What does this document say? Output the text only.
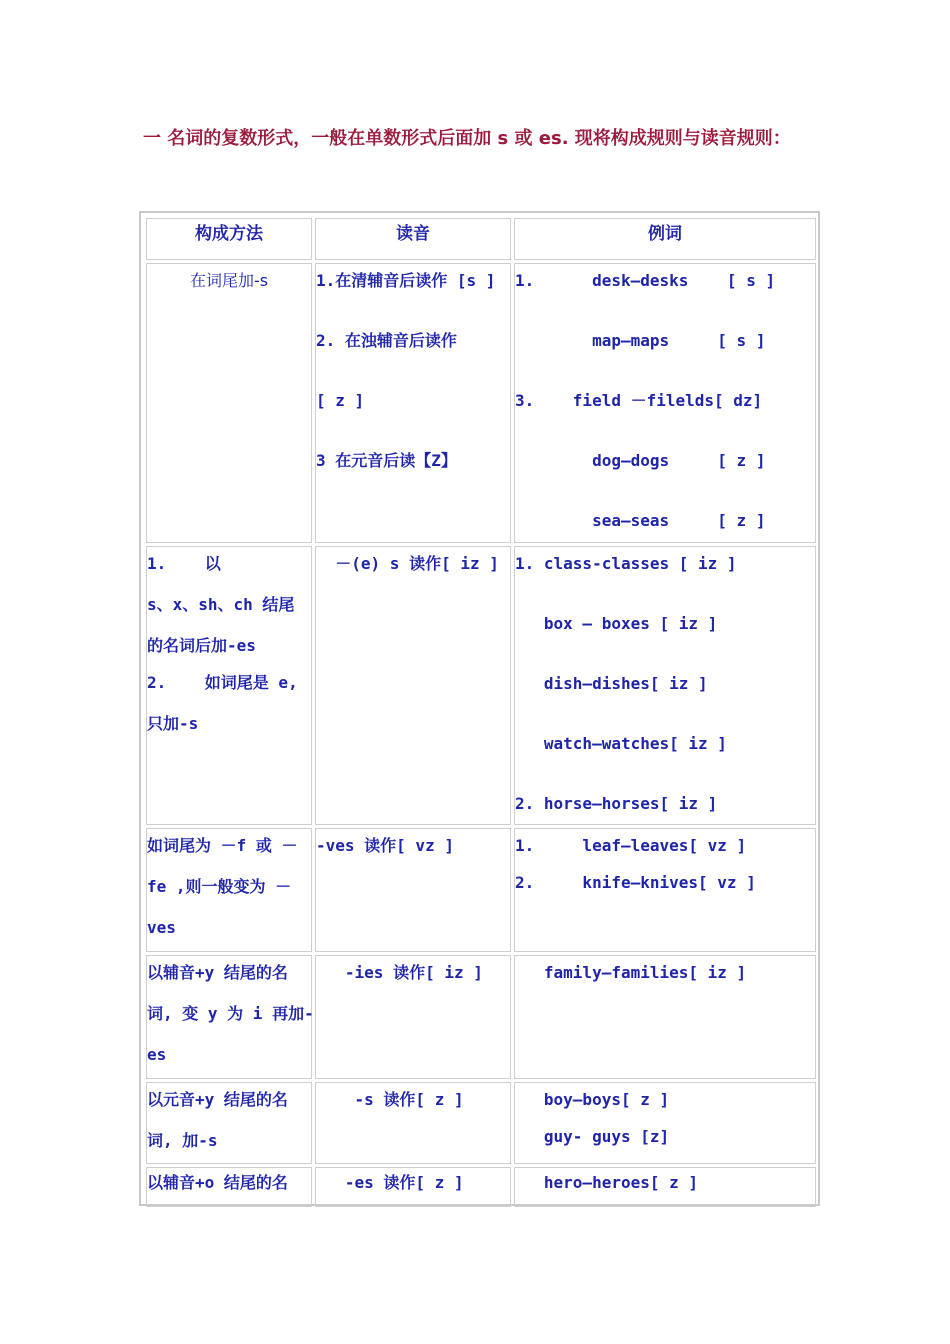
一 名词的复数形式，一般在单数形式后面加 s 或 es. 现将构成规则与读音规则：
构成方法	读音	例词

在词尾加-s	1.在清辅音后读作 [s ]
2. 在浊辅音后读作
[ z ]
3 在元音后读【Z】	1.      desk—desks    [ s ]
map—maps     [ s ]
3.    field －filelds[ dz]
dog—dogs     [ z ]
sea—seas     [ z ]

1.    以
s、x、sh、ch 结尾
的名词后加-es
2.    如词尾是 e,
只加-s	－(e) s 读作[ iz ]	1. class-classes [ iz ]
box — boxes [ iz ]
dish—dishes[ iz ]
watch—watches[ iz ]
2. horse—horses[ iz ]

如词尾为 －f 或 －
fe ,则一般变为 －
ves	-ves 读作[ vz ]	1.     leaf—leaves[ vz ]
2.     knife—knives[ vz ]

以辅音+y 结尾的名
词, 变 y 为 i 再加-
es	-ies 读作[ iz ]	family—families[ iz ]

以元音+y 结尾的名
词, 加-s	-s 读作[ z ]	boy—boys[ z ]
guy- guys [z]

以辅音+o 结尾的名	-es 读作[ z ]	hero—heroes[ z ]
